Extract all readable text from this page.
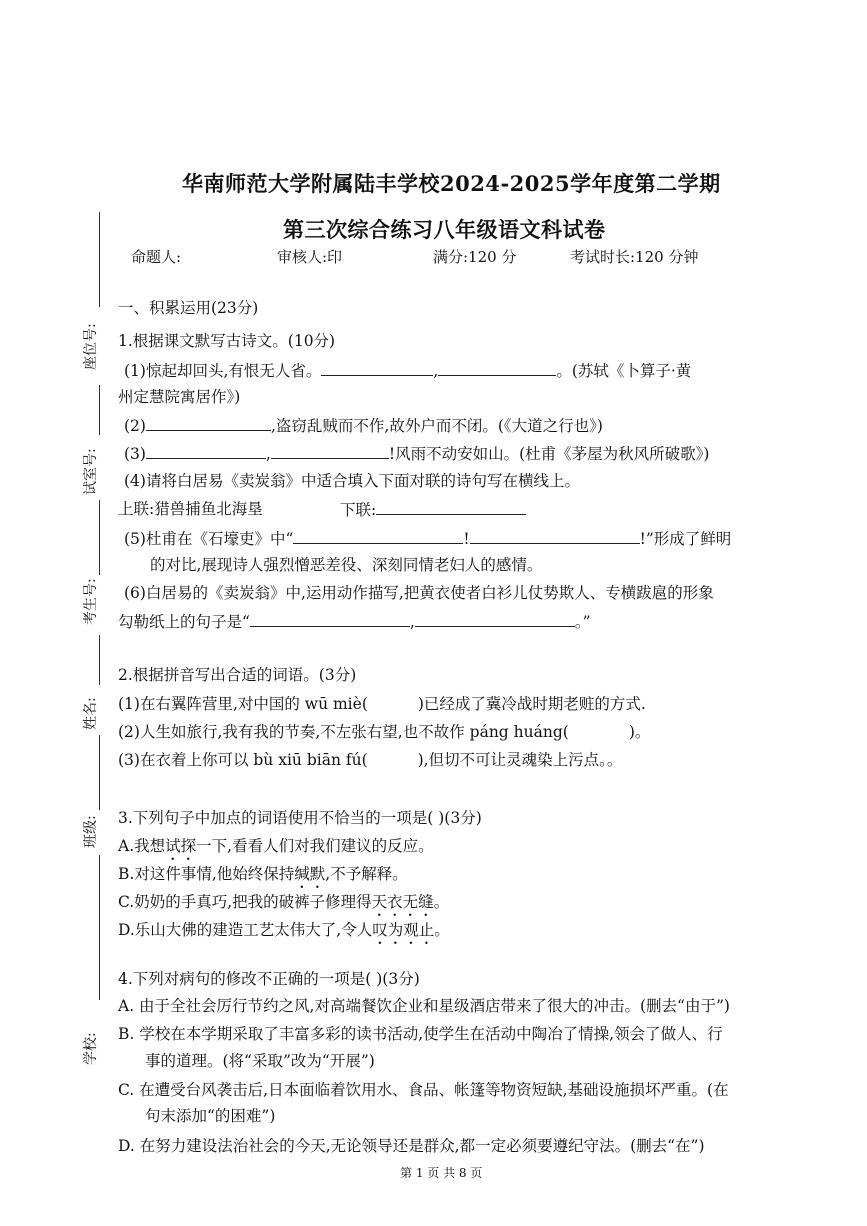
座位号:
试室号:
考生号:
姓名:
班级:
学校:
华南师范大学附属陆丰学校2024-2025学年度第二学期
第三次综合练习八年级语文科试卷
命题人:	审核人:印	满分:120 分	考试时长:120 分钟
一、积累运用(23分)
1.根据课文默写古诗文。(10分)
(1)惊起却回头,有恨无人省。	,	。(苏轼《卜算子·黄
州定慧院寓居作》)
(2)	,盗窃乱贼而不作,故外户而不闭。(《大道之行也》)
(3)	,	!风雨不动安如山。(杜甫《茅屋为秋风所破歌》)
(4)请将白居易《卖炭翁》中适合填入下面对联的诗句写在横线上。
上联:猎兽捕鱼北海垦	下联:
(5)杜甫在《石壕吏》中“	!	!”形成了鲜明
的对比,展现诗人强烈憎恶差役、深刻同情老妇人的感情。
(6)白居易的《卖炭翁》中,运用动作描写,把黄衣使者白衫儿仗势欺人、专横跋扈的形象
勾勒纸上的句子是“	,	。”
2.根据拼音写出合适的词语。(3分)
(1)在右翼阵营里,对中国的 wū miè(	)已经成了冀冷战时期老赃的方式.
(2)人生如旅行,我有我的节奏,不左张右望,也不故作 páng huáng(	)。
(3)在衣着上你可以 bù xiū biān fú(	),但切不可让灵魂染上污点。。
3.下列句子中加点的词语使用不恰当的一项是( )(3分)
A.我想试探一下,看看人们对我们建议的反应。
B.对这件事情,他始终保持缄默,不予解释。
C.奶奶的手真巧,把我的破裤子修理得天衣无缝。
D.乐山大佛的建造工艺太伟大了,令人叹为观止。
4.下列对病句的修改不正确的一项是( )(3分)
A. 由于全社会厉行节约之风,对高端餐饮企业和星级酒店带来了很大的冲击。(删去“由于”)
B. 学校在本学期采取了丰富多彩的读书活动,使学生在活动中陶冶了情操,领会了做人、行
事的道理。(将“采取”改为“开展”)
C. 在遭受台风袭击后,日本面临着饮用水、食品、帐篷等物资短缺,基础设施损坏严重。(在
句末添加“的困难”)
D. 在努力建设法治社会的今天,无论领导还是群众,都一定必须要遵纪守法。(删去“在”)
第 1 页 共 8 页
